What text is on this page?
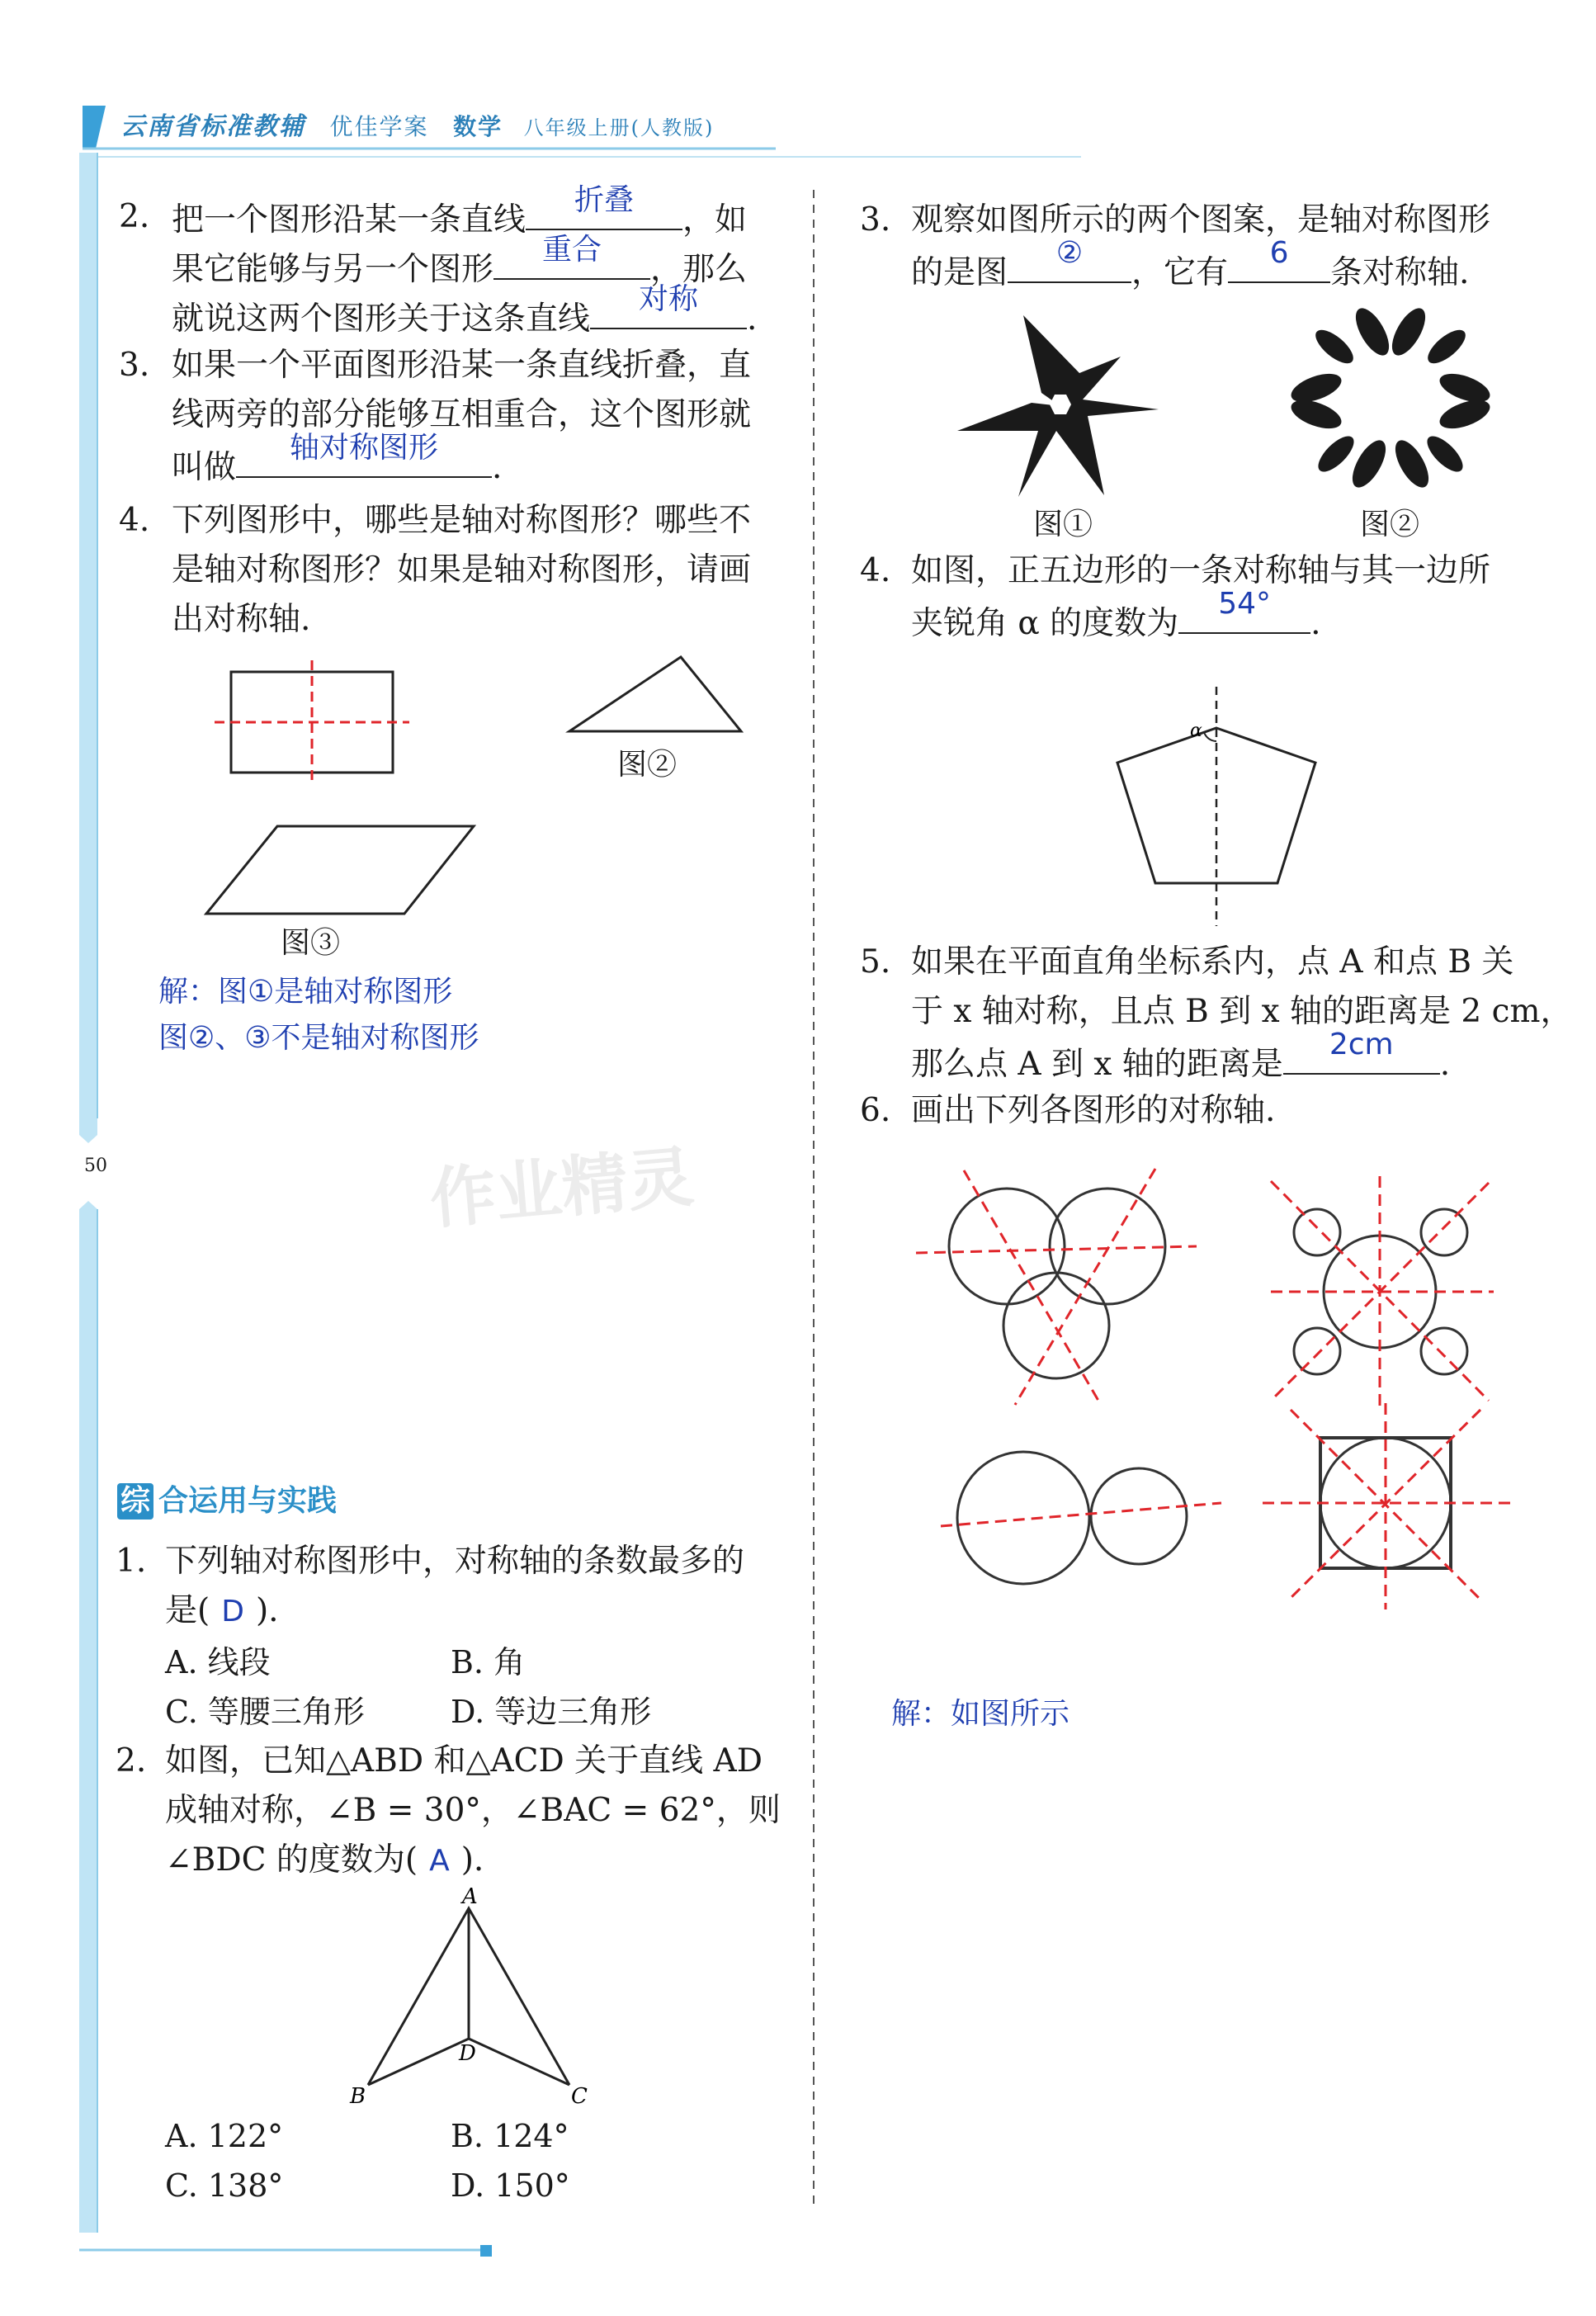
云南省标准教辅 优佳学案 数学 八年级上册(人教版)
50	作业精灵
2. 把一个图形沿某一条直线
折叠
，如
果它能够与另一个图形
重合
，那么
就说这两个图形关于这条直线
对称
.
3. 如果一个平面图形沿某一条直线折叠，直
线两旁的部分能够互相重合，这个图形就
叫做
轴对称图形
.
4. 下列图形中，哪些是轴对称图形？哪些不
是轴对称图形？如果是轴对称图形，请画
出对称轴.
图②
图③
解：图①是轴对称图形
图②、③不是轴对称图形
综 合运用与实践
1. 下列轴对称图形中，对称轴的条数最多的
是( D ).
A. 线段	B. 角
C. 等腰三角形	D. 等边三角形
2. 如图，已知△ABD 和△ACD 关于直线 AD
成轴对称，∠B = 30°，∠BAC = 62°，则
∠BDC 的度数为( A ).
A
B	C
D
A. 122°	B. 124°
C. 138°	D. 150°
3. 观察如图所示的两个图案，是轴对称图形
的是图
②
，它有
6
条对称轴.
图①	图②
4. 如图，正五边形的一条对称轴与其一边所
夹锐角 α 的度数为
54°
.
α
5. 如果在平面直角坐标系内，点 A 和点 B 关
于 x 轴对称，且点 B 到 x 轴的距离是 2 cm，
那么点 A 到 x 轴的距离是
2cm
.
6. 画出下列各图形的对称轴.
解：如图所示
